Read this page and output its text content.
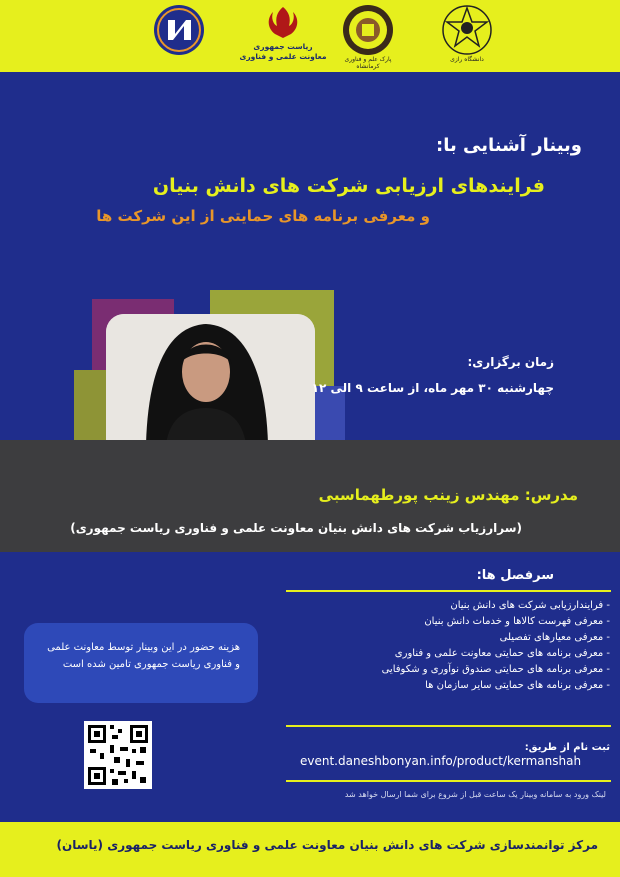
ریاست جمهوری
معاونت علمی و فناوری	پارک علم و فناوری کرمانشاه
دانشگاه رازی
وبینار آشنایی با:
فرایندهای ارزیابی شرکت های دانش بنیان
و معرفی برنامه های حمایتی از این شرکت ها
زمان برگزاری:
چهارشنبه ۳۰ مهر ماه، از ساعت ۹ الی ۱۲
مدرس: مهندس زینب پورطهماسبی
(سرارزیاب شرکت های دانش بنیان معاونت علمی و فناوری ریاست جمهوری)
سرفصل ها:
- فرایندارزیابی شرکت های دانش بنیان
- معرفی فهرست کالاها و خدمات دانش بنیان
- معرفی معیارهای تفصیلی
- معرفی برنامه های حمایتی معاونت علمی و فناوری
- معرفی برنامه های حمایتی صندوق نوآوری و شکوفایی
- معرفی برنامه های حمایتی سایر سازمان ها
هزینه حضور در این وبینار توسط معاونت علمی و فناوری ریاست جمهوری تامین شده است
ثبت نام از طریق:
event.daneshbonyan.info/product/kermanshah
لینک ورود به سامانه وبینار یک ساعت قبل از شروع برای شما ارسال خواهد شد
مرکز توانمندسازی شرکت های دانش بنیان معاونت علمی و فناوری ریاست جمهوری (یاسان)
